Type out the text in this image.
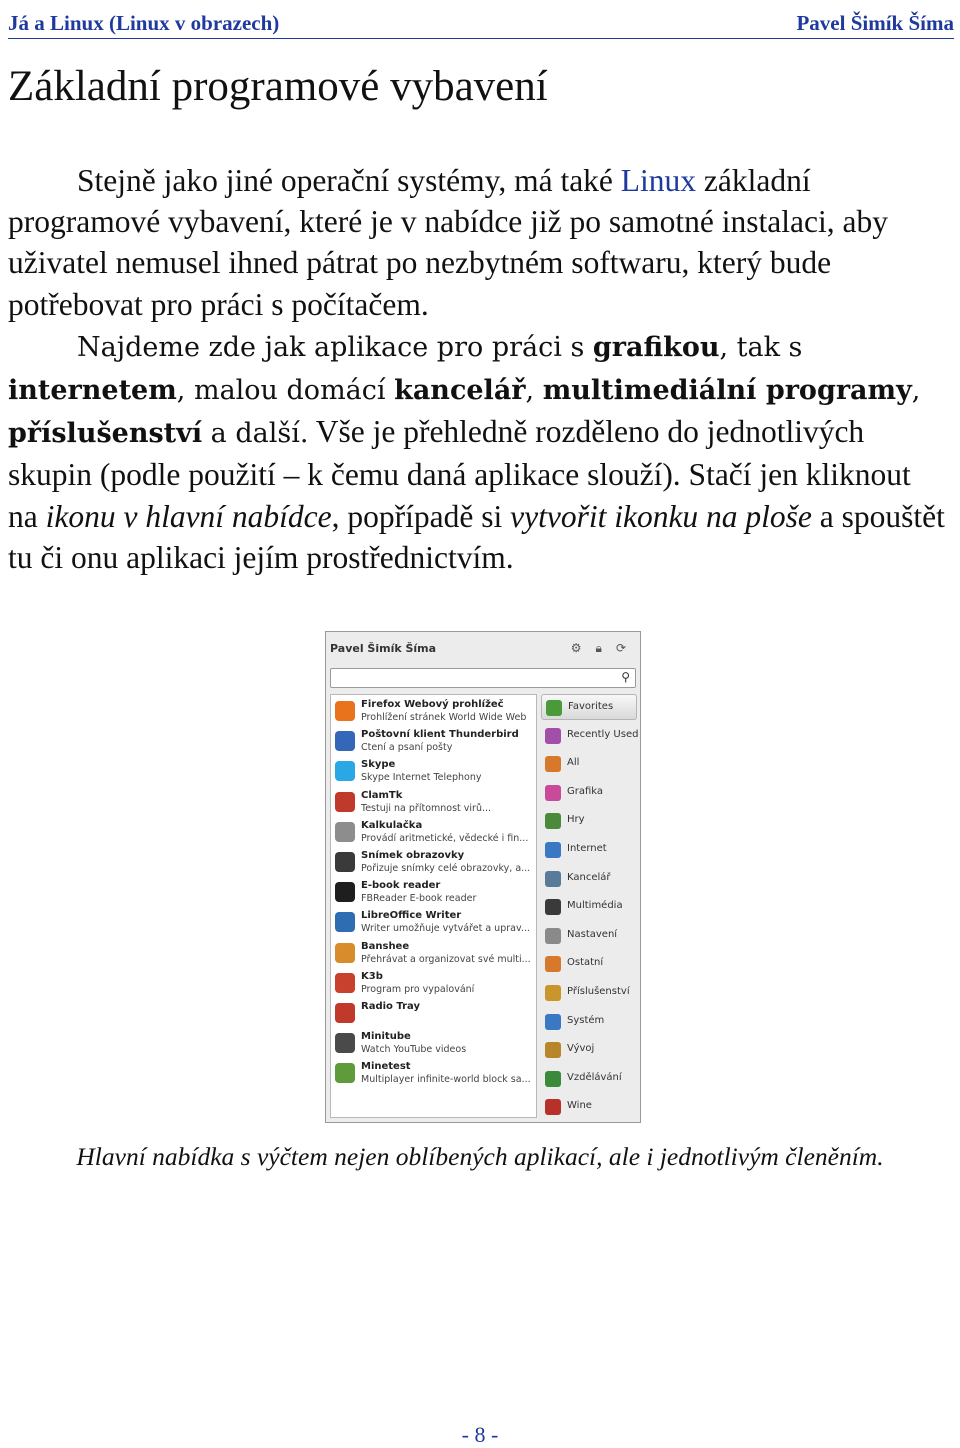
Já a Linux (Linux v obrazech)	Pavel Šimík Šíma
Základní programové vybavení

Stejně jako jiné operační systémy, má také Linux základní programové vybavení, které je v nabídce již po samotné instalaci, aby uživatel nemusel ihned pátrat po nezbytném softwaru, který bude potřebovat pro práci s počítačem.

Najdeme zde jak aplikace pro práci s grafikou, tak s internetem, malou domácí kancelář, multimediální programy, příslušenství a další. Vše je přehledně rozděleno do jednotlivých skupin (podle použití – k čemu daná aplikace slouží). Stačí jen kliknout na ikonu v hlavní nabídce, popřípadě si vytvořit ikonku na ploše a spouštět tu či onu aplikaci jejím prostřednictvím.

Pavel Šimík Šíma	⚙ 🔒︎ ⟳
⚲
Firefox Webový prohlížeč
Prohlížení stránek World Wide Web
Poštovní klient Thunderbird
Čtení a psaní pošty
Skype
Skype Internet Telephony
ClamTk
Testuji na přítomnost virů...
Kalkulačka
Provádí aritmetické, vědecké i fin...
Snímek obrazovky
Pořizuje snímky celé obrazovky, a...
E-book reader
FBReader E-book reader
LibreOffice Writer
Writer umožňuje vytvářet a uprav...
Banshee
Přehrávat a organizovat své multi...
K3b
Program pro vypalování
Radio Tray
Minitube
Watch YouTube videos
Minetest
Multiplayer infinite-world block sa...
Favorites
Recently Used
All
Grafika
Hry
Internet
Kancelář
Multimédia
Nastavení
Ostatní
Příslušenství
Systém
Vývoj
Vzdělávání
Wine
Hlavní nabídka s výčtem nejen oblíbených aplikací, ale i jednotlivým členěním.
- 8 -
